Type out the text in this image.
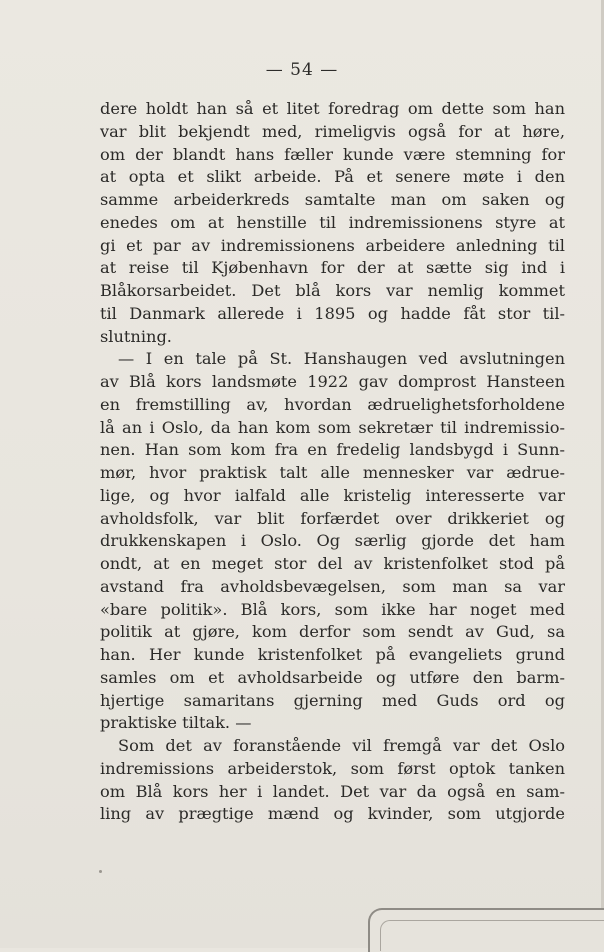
— 54 —
dere holdt han så et litet foredrag om dette som han
var blit bekjendt med, rimeligvis også for at høre,
om der blandt hans fæller kunde være stemning for
at opta et slikt arbeide. På et senere møte i den
samme arbeiderkreds samtalte man om saken og
enedes om at henstille til indremissionens styre at
gi et par av indremissionens arbeidere anledning til
at reise til Kjøbenhavn for der at sætte sig ind i
Blåkorsarbeidet. Det blå kors var nemlig kommet
til Danmark allerede i 1895 og hadde fåt stor til-
slutning.
— I en tale på St. Hanshaugen ved avslutningen
av Blå kors landsmøte 1922 gav domprost Hansteen
en fremstilling av, hvordan ædruelighetsforholdene
lå an i Oslo, da han kom som sekretær til indremissio-
nen. Han som kom fra en fredelig landsbygd i Sunn-
mør, hvor praktisk talt alle mennesker var ædrue-
lige, og hvor ialfald alle kristelig interesserte var
avholdsfolk, var blit forfærdet over drikkeriet og
drukkenskapen i Oslo. Og særlig gjorde det ham
ondt, at en meget stor del av kristenfolket stod på
avstand fra avholdsbevægelsen, som man sa var
«bare politik». Blå kors, som ikke har noget med
politik at gjøre, kom derfor som sendt av Gud, sa
han. Her kunde kristenfolket på evangeliets grund
samles om et avholdsarbeide og utføre den barm-
hjertige samaritans gjerning med Guds ord og
praktiske tiltak. —
Som det av foranstående vil fremgå var det Oslo
indremissions arbeiderstok, som først optok tanken
om Blå kors her i landet. Det var da også en sam-
ling av prægtige mænd og kvinder, som utgjorde
